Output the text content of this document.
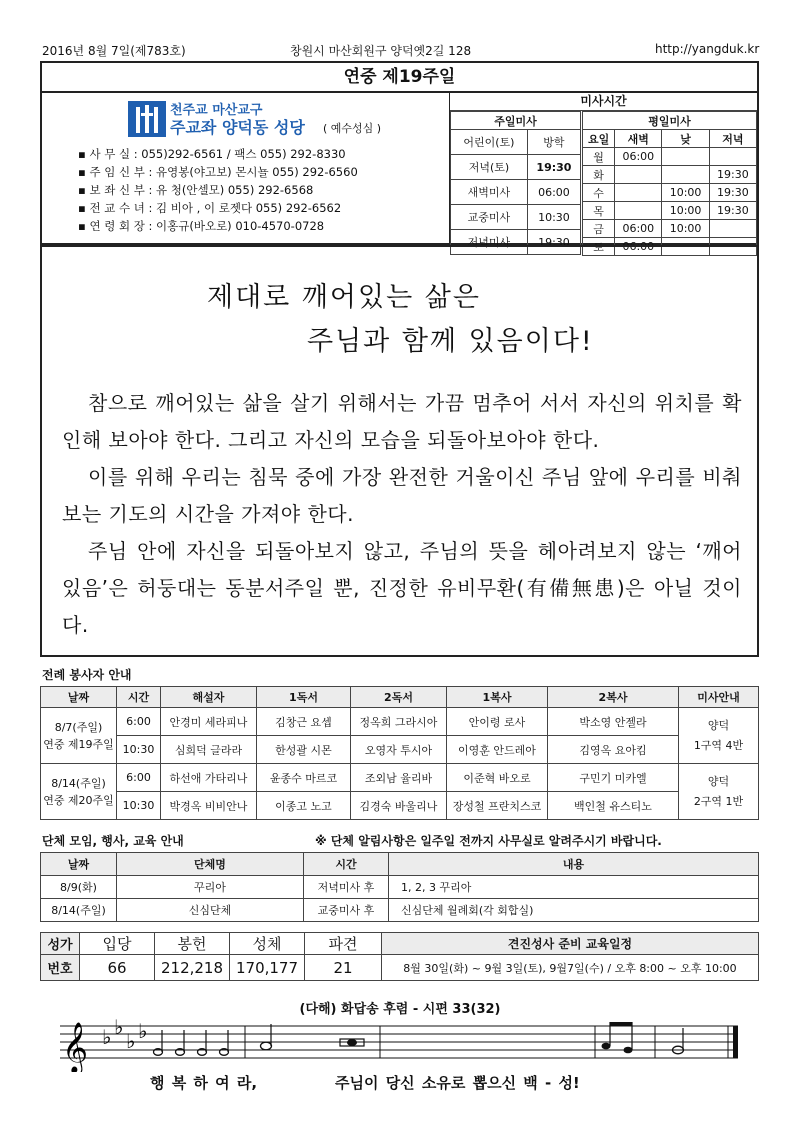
2016년 8월 7일(제783호)	창원시 마산회원구 양덕옛2길 128	http://yangduk.kr
연중 제19주일
천주교 마산교구
주교좌 양덕동 성당 ( 예수성심 )
▪ 사 무 실 : 055)292-6561 / 팩스 055) 292-8330
▪ 주 임 신 부 : 유영봉(야고보) 몬시뇰 055) 292-6560
▪ 보 좌 신 부 : 유 청(안셀모) 055) 292-6568
▪ 전 교 수 녀 : 김 비아 , 이 로젯다 055) 292-6562
▪ 연 령 회 장 : 이홍규(바오로) 010-4570-0728
미사시간
주일미사	
어린이(토)	방학
저녁(토)	19:30
새벽미사	06:00
교중미사	10:30
저녁미사	19:30
평일미사			
요일	새벽	낮	저녁
월	06:00		
화			19:30
수		10:00	19:30
목		10:00	19:30
금	06:00	10:00	
토	06:00		
제대로 깨어있는 삶은
주님과 함께 있음이다!
참으로 깨어있는 삶을 살기 위해서는 가끔 멈추어 서서 자신의 위치를 확인해 보아야 한다. 그리고 자신의 모습을 되돌아보아야 한다.
이를 위해 우리는 침묵 중에 가장 완전한 거울이신 주님 앞에 우리를 비춰보는 기도의 시간을 가져야 한다.
주님 안에 자신을 되돌아보지 않고, 주님의 뜻을 헤아려보지 않는 ‘깨어 있음’은 허둥대는 동분서주일 뿐, 진정한 유비무환(有備無患)은 아닐 것이다.
전례 봉사자 안내
날짜	시간	해설자	1독서	2독서	1복사	2복사	미사안내
8/7(주일)
연중 제19주일	6:00	안경미 세라피나	김창근 요셉	정옥희 그라시아	안이령 로사	박소영 안젤라	양덕
1구역 4반
	10:30	심희덕 글라라	한성괄 시몬	오영자 투시아	이영훈 안드레아	김영옥 요아킴	
8/14(주일)
연중 제20주일	6:00	하선애 가타리나	윤종수 마르코	조외남 율리바	이준혁 바오로	구민기 미카엘	양덕
2구역 1반
	10:30	박경옥 비비안나	이종고 노고	김경숙 바울리나	장성철 프란치스코	백인철 유스티노	
단체 모임, 행사, 교육 안내	※ 단체 알림사항은 일주일 전까지 사무실로 알려주시기 바랍니다.
날짜	단체명	시간	내용
8/9(화)	꾸리아	저녁미사 후	1, 2, 3 꾸리아
8/14(주일)	신심단체	교중미사 후	신심단체 월례회(각 회합실)
성가	입당	봉헌	성체	파견	견진성사 준비 교육일정
번호	66	212,218	170,177	21	8월 30일(화) ~ 9월 3일(토), 9월7일(수) / 오후 8:00 ~ 오후 10:00
(다해) 화답송 후렴 - 시편 33(32)
𝄞 ♭ ♭
♭ ♭
행 복 하 여 라,	주님이 당신 소유로 뽑으신 백 - 성!
